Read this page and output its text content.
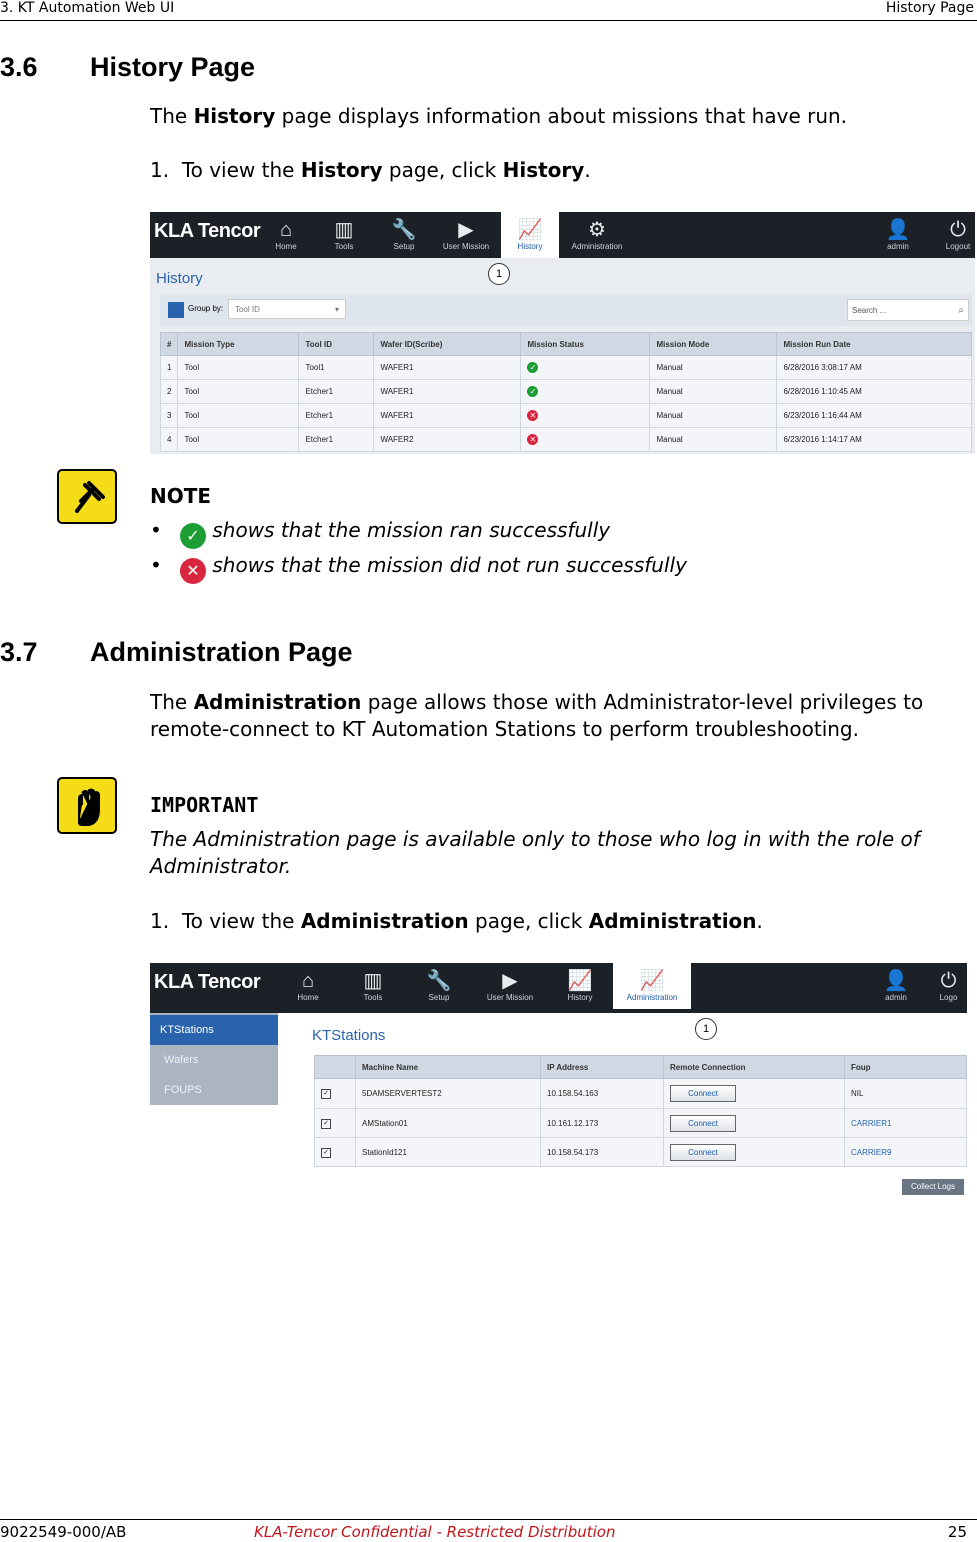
3. KT Automation Web UI	History Page
3.6 History Page
The History page displays information about missions that have run.
1. To view the History page, click History.
KLA Tencor ⌂
Home
▥
Tools
🔧
Setup
▶
User Mission
📈
History
⚙
Administration
👤
admin
⏻
Logout
History	1
Group by:	Tool ID	▾	Search ...	⌕
#	Mission Type	Tool ID	Wafer ID(Scribe)	Mission Status	Mission Mode	Mission Run Date
1	Tool	Tool1	WAFER1	✓	Manual	6/28/2016 3:08:17 AM
2	Tool	Etcher1	WAFER1	✓	Manual	6/28/2016 1:10:45 AM
3	Tool	Etcher1	WAFER1	✕	Manual	6/23/2016 1:16:44 AM
4	Tool	Etcher1	WAFER2	✕	Manual	6/23/2016 1:14:17 AM
NOTE
• ✓ shows that the mission ran successfully
• ✕ shows that the mission did not run successfully
3.7 Administration Page
The Administration page allows those with Administrator-level privileges to
remote-connect to KT Automation Stations to perform troubleshooting.
IMPORTANT
The Administration page is available only to those who log in with the role of
Administrator.
1. To view the Administration page, click Administration.
KLA Tencor	⌂
Home
▥
Tools
🔧
Setup
▶
User Mission
📈
History
📈
Administration
👤
admin
⏻
Logo
KTStations
Wafers
FOUPS
KTStations	1
	Machine Name	IP Address	Remote Connection	Foup
✓	5DAMSERVERTEST2	10.158.54.163	Connect	NIL
✓	AMStation01	10.161.12.173	Connect	CARRIER1
✓	StationId121	10.158.54.173	Connect	CARRIER9
Collect Logs
9022549-000/AB	KLA-Tencor Confidential - Restricted Distribution	25
